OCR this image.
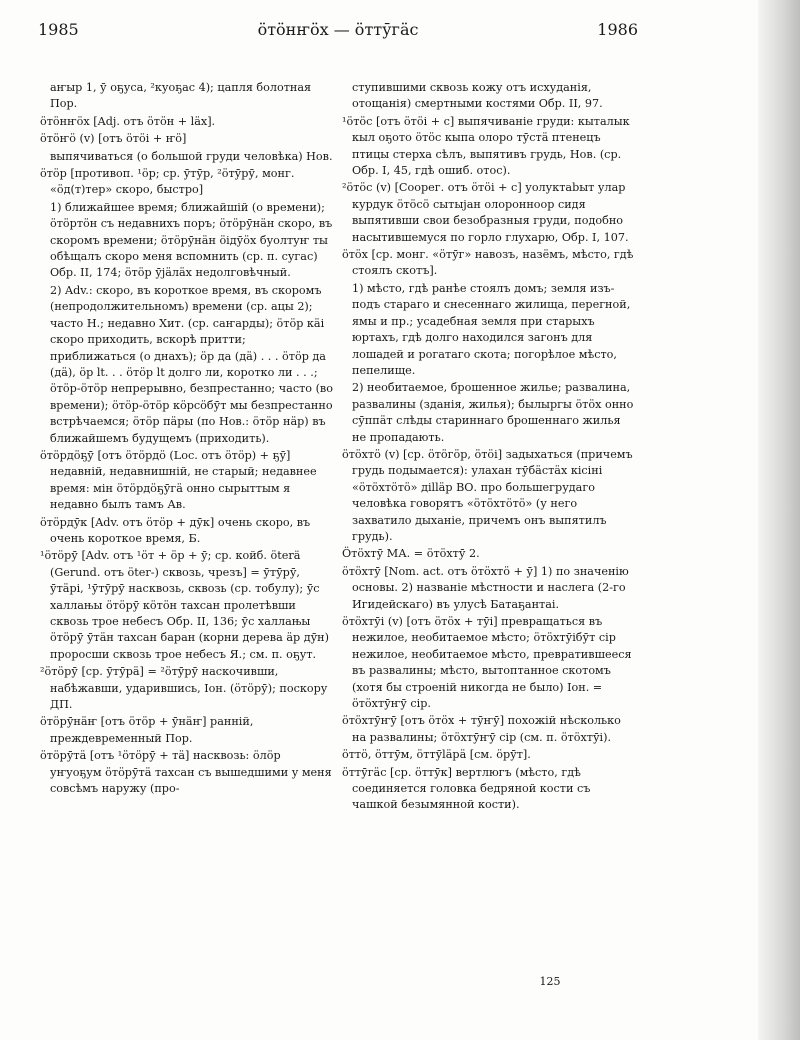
1985	ӧтӧнҥӧх — ӧттӯгӓс	1986

аҥыр 1, ӯ оҕуса, ²куоҕас 4); цапля болотная Пор.

ӧтӧнҥӧх [Adj. отъ ӧтӧн + lӓх].

ӧтӧҥӧ (v) [отъ ӧтӧі + ҥӧ]

выпячиваться (о большой груди человѣка) Нов.

ӧтӧр [противоп. ¹ӧр; ср. ӯтӯр, ²ӧтӯрӯ, монг. «ӧд(т)тер» скоро, быстро]

1) ближайшее время; ближайшій (о времени); ӧтӧртӧн съ недавнихъ поръ; ӧтӧрӯнӓн скоро, въ скоромъ времени; ӧтӧрӯнӓн ӧідӯӧх буолтуҥ ты обѣщалъ скоро меня вспомнить (ср. п. сугас) Обр. II, 174; ӧтӧр ӯјӓлӓх недолговѣчный.

2) Adv.: скоро, въ короткое время, въ скоромъ (непродолжительномъ) времени (ср. ацы 2); часто Н.; недавно Хит. (ср. саҥарды); ӧтӧр кӓі скоро приходить, вскорѣ притти; приближаться (о днахъ); ӧр да (дӓ) . . . ӧтӧр да (дӓ), ӧр lt. . . ӧтӧр lt долго ли, коротко ли . . .; ӧтӧр-ӧтӧр непрерывно, безпрестанно; часто (во времени); ӧтӧр-ӧтӧр кӧрсӧбӯт мы безпрестанно встрѣчаемся; ӧтӧр пӓры (по Нов.: ӧтӧр нӓр) въ ближайшемъ будущемъ (приходить).

ӧтӧрдӧҕӯ [отъ ӧтӧрдӧ (Loc. отъ ӧтӧр) + ҕӯ] недавній, недавнишній, не старый; недавнее время: мін ӧтӧрдӧҕӯгӓ онно сырыттым я недавно былъ тамъ Ав.

ӧтӧрдӯк [Adv. отъ ӧтӧр + дӯк] очень скоро, въ очень короткое время, Б.

¹ӧтӧрӯ [Adv. отъ ¹ӧт + ӧр + ӯ; ср. койб. ӧterä (Gerund. отъ ӧter-) сквозь, чрезъ] = ӯтӯрӯ, ӯтӓрі, ¹ӯтӯрӯ насквозь, сквозь (ср. тобулу); ӯс халлањы ӧтӧрӯ кӧтӧн тахсан пролетѣвши сквозь трое небесъ Обр. II, 136; ӯс халлањы ӧтӧрӯ ӯтӓн тахсан баран (корни дерева ӓр дӯн) проросши сквозь трое небесъ Я.; см. п. оҕут.

²ӧтӧрӯ [ср. ӯтӯрӓ] = ²ӧтӯрӯ наскочивши, набѣжавши, ударившись, Іон. (ӧтӧрӯ); поскору ДП.

ӧтӧрӯнӓҥ [отъ ӧтӧр + ӯнӓҥ] ранній, преждевременный Пор.

ӧтӧрӯтӓ [отъ ¹ӧтӧрӯ + тӓ] насквозь: ӧлӧр уҥуоҕум ӧтӧрӯтӓ тахсан съ вышедшими у меня совсѣмъ наружу (про-

ступившими сквозь кожу отъ исхуданія, отощанія) смертными костями Обр. II, 97.

¹ӧтӧс [отъ ӧтӧі + с] выпячиваніе груди: кыталык кыл оҕото ӧтӧс кыпа олоро тӯстӓ птенецъ птицы стерха сѣлъ, выпятивъ грудь, Нов. (ср. Обр. I, 45, гдѣ ошиб. отос).

²ӧтӧс (v) [Соорег. отъ ӧтӧі + с] уолуктаbыт улар курдук ӧтӧсӧ сытыјан олоронноор сидя выпятивши свои безобразныя груди, подобно насытившемуся по горло глухарю, Обр. I, 107.

ӧтӧх [ср. монг. «ӧтӯг» навозъ, назёмъ, мѣсто, гдѣ стоялъ скотъ].

1) мѣсто, гдѣ ранѣе стоялъ домъ; земля изъ-подъ стараго и снесеннаго жилища, перегной, ямы и пр.; усадебная земля при старыхъ юртахъ, гдѣ долго находился загонъ для лошадей и рогатаго скота; погорѣлое мѣсто, пепелище.

2) необитаемое, брошенное жилье; развалина, развалины (зданія, жилья); былыргы ӧтӧх онно сӯппӓт слѣды стариннаго брошеннаго жилья не пропадають.

ӧтӧхтӧ (v) [ср. ӧтӧгӧр, ӧтӧі] задыхаться (причемъ грудь подымается): улахан тӯбӓстӓх кісіні «ӧтӧхтӧтӧ» діllӓр ВО. про большегрудаго человѣка говорятъ «ӧтӧхтӧтӧ» (у него захватило дыханіе, причемъ онъ выпятилъ грудь).

Ӧтӧхтӯ МА. = ӧтӧхтӯ 2.

ӧтӧхтӯ [Nom. act. отъ ӧтӧхтӧ + ӯ] 1) по значенію основы. 2) названіе мѣстности и наслега (2-го Игидейскаго) въ улусѣ Батаҕантаі.

ӧтӧхтӯі (v) [отъ ӧтӧх + тӯі] превращаться въ нежилое, необитаемое мѣсто; ӧтӧхтӯібӯт сір нежилое, необитаемое мѣсто, превратившееся въ развалины; мѣсто, вытоптанное скотомъ (хотя бы строеній никогда не было) Іон. = ӧтӧхтӯҥӯ сір.

ӧтӧхтӯҥӯ [отъ ӧтӧх + тӯҥӯ] похожій нѣсколько на развалины; ӧтӧхтӯҥӯ сір (см. п. ӧтӧхтӯі).

ӧттӧ, ӧттӯм, ӧттӯlӓрӓ [см. ӧрӯт].

ӧттӯгӓс [ср. ӧттӯк] вертлюгъ (мѣсто, гдѣ соединяется головка бедряной кости съ чашкой безымянной кости).

125
